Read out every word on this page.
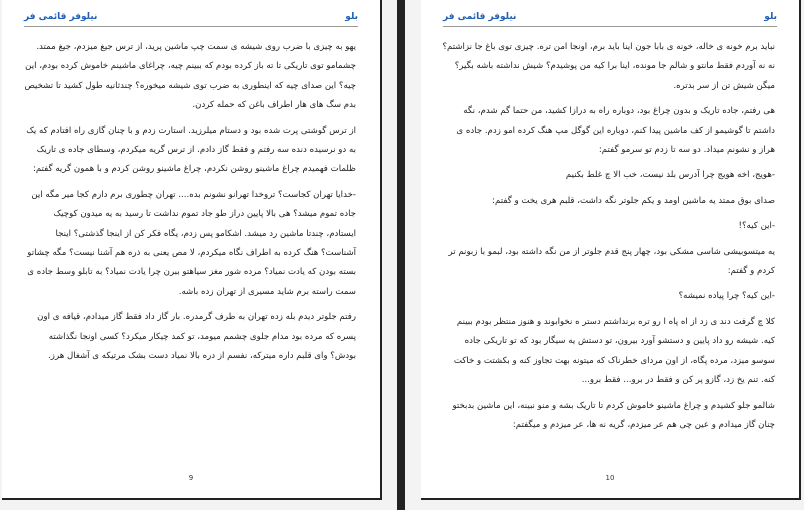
بلو
نیلوفر قائمی فر

یهو به چیزی با ضرب روی شیشه ی سمت چپ ماشین پرید، از ترس جیغ میزدم، جیغ ممتد. چشمامو توی تاریکی تا ته باز کرده بودم که ببینم چیه، چراغای ماشینم خاموش کرده بودم، این چیه؟ این صدای چیه که اینطوری به ضرب توی شیشه میخوره؟ چندثانیه طول کشید تا تشخیص بدم سگ های هار اطراف باغن که حمله کردن.

از ترس گوشتی پرت شده بود و دستام میلرزید. استارت زدم و با چنان گازی راه افتادم که یک به دو نرسیده دنده سه رفتم و فقط گاز دادم. از ترس گریه میکردم، وسطای جاده ی تاریک ظلمات فهمیدم چراغ ماشینو روشن نکردم، چراغ ماشینو روشن کردم و با همون گریه گفتم:

-خدایا تهران کجاست؟ تروخدا تهرانو نشونم بده.... تهران چطوری برم دارم کجا میر مگه این جاده تموم میشد؟ هی بالا پایین دراز طو جاد تموم نداشت تا رسید به یه میدون کوچیک ایستادم، چندتا ماشین رد میشد. اشکامو پس زدم، یگاه فکر کن از اینجا گذشتی؟ اینجا آشناست؟ هنگ کرده به اطراف نگاه میکردم، لا مص یعنی به ذره هم آشنا نیست؟ مگه چشاتو بسته بودن که یادت نمیاد؟ مرده شور مغز سیاهتو ببرن چرا یادت نمیاد؟ به تابلو وسط جاده ی سمت راسته برم شاید مسیری از تهران زده باشه.

رفتم جلوتر دیدم بله زده تهران به طرف گرمدره. بار گاز داد فقط گاز میدادم، قیافه ی اون پسره که مرده بود مدام جلوی چشمم میومد، تو کمد چیکار میکرد؟ کسی اونجا نگذاشته بودش؟ وای قلبم داره میترکه، نفسم از دره بالا نمیاد دست بشک مرتیکه ی آشغال هرز.

9
بلو
نیلوفر قائمی فر

نباید برم خونه ی خاله، خونه ی بابا جون اینا باید برم، اونجا امن تره. چیزی توی باغ جا نزاشتم؟ نه نه آوردم فقط مانتو و شالم جا مونده، اینا برا کیه من پوشیدم؟ شیش نداشته باشه بگیر؟ میگن شیش تن از سر بدتره.

هی رفتم، جاده تاریک و بدون چراغ بود، دوباره راه به درازا کشید، من حتما گم شدم، نگه داشتم تا گوشیمو از کف ماشین پیدا کنم، دوباره این گوگل مپ هنگ کرده امو زدم. جاده ی هراز و نشونم میداد. دو سه تا زدم تو سرمو گفتم:

-هویج، اخه هویج چرا آدرس بلد نیست، خب الا چ غلط بکنیم

صدای بوق ممتد یه ماشین اومد و یکم جلوتر نگه داشت، قلبم هری یخت و گفتم:

-این کیه؟!

یه میتسوبیشی شاسی مشکی بود، چهار پنج قدم جلوتر از من نگه داشته بود، لبمو با زبونم تر کردم و گفتم:

-این کیه؟ چرا پیاده نمیشه؟

کلا چ گرفت دند ی زد از اه پاه ا رو تره برنداشتم دستر ه نخوابوند و هنوز منتظر بودم ببینم کیه. شیشه رو داد پایین و دستشو آورد بیرون، تو دستش یه سیگار بود که تو تاریکی جاده سوسو میزد، مرده پگاه، از اون مردای خطرناک که میتونه بهت تجاوز کنه و بکشتت و خاکت کنه. تنم یخ زد، گازو پر کن و فقط در برو... فقط برو...

شالمو جلو کشیدم و چراغ ماشینو خاموش کردم تا تاریک بشه و منو نبینه، این ماشین بدبختو چنان گاز میدادم و عین چی هم عر میزدم، گریه نه ها، عر میزدم و میگفتم:

10
